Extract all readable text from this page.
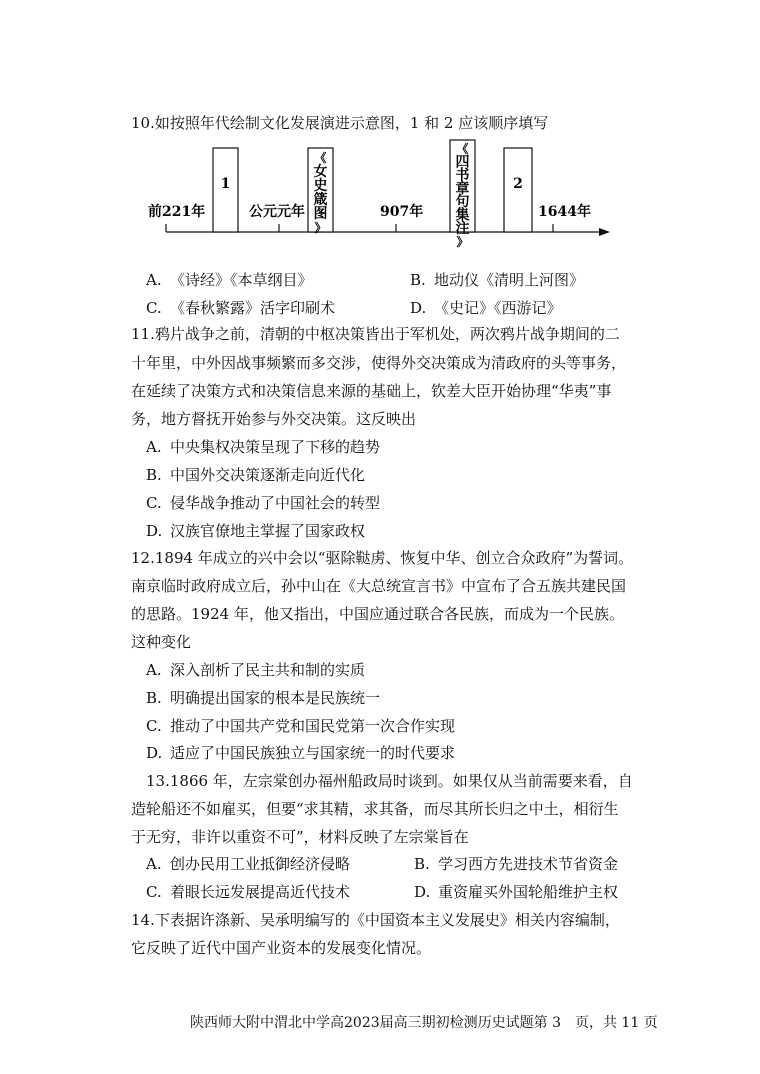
10.如按照年代绘制文化发展演进示意图，1 和 2 应该顺序填写
前221年	公元元年	907年	1644年
1
《女史箴图》
《四书章句集注》
2
A. 《诗经》《本草纲目》	B. 地动仪《清明上河图》
C. 《春秋繁露》活字印刷术	D. 《史记》《西游记》
11.鸦片战争之前，清朝的中枢决策皆出于军机处，两次鸦片战争期间的二
十年里，中外因战事频繁而多交涉，使得外交决策成为清政府的头等事务，
在延续了决策方式和决策信息来源的基础上，钦差大臣开始协理“华夷”事
务，地方督抚开始参与外交决策。这反映出
A. 中央集权决策呈现了下移的趋势
B. 中国外交决策逐渐走向近代化
C. 侵华战争推动了中国社会的转型
D. 汉族官僚地主掌握了国家政权
12.1894 年成立的兴中会以“驱除鞑虏、恢复中华、创立合众政府”为誓词。
南京临时政府成立后，孙中山在《大总统宣言书》中宣布了合五族共建民国
的思路。1924 年，他又指出，中国应通过联合各民族，而成为一个民族。
这种变化
A. 深入剖析了民主共和制的实质
B. 明确提出国家的根本是民族统一
C. 推动了中国共产党和国民党第一次合作实现
D. 适应了中国民族独立与国家统一的时代要求
13.1866 年，左宗棠创办福州船政局时谈到。如果仅从当前需要来看，自
造轮船还不如雇买，但要“求其精，求其备，而尽其所长归之中土，相衍生
于无穷，非许以重资不可”，材料反映了左宗棠旨在
A. 创办民用工业抵御经济侵略	B. 学习西方先进技术节省资金
C. 着眼长远发展提高近代技术	D. 重资雇买外国轮船维护主权
14.下表据许涤新、吴承明编写的《中国资本主义发展史》相关内容编制，
它反映了近代中国产业资本的发展变化情况。
陕西师大附中渭北中学高2023届高三期初检测历史试题第 3　页，共 11 页
